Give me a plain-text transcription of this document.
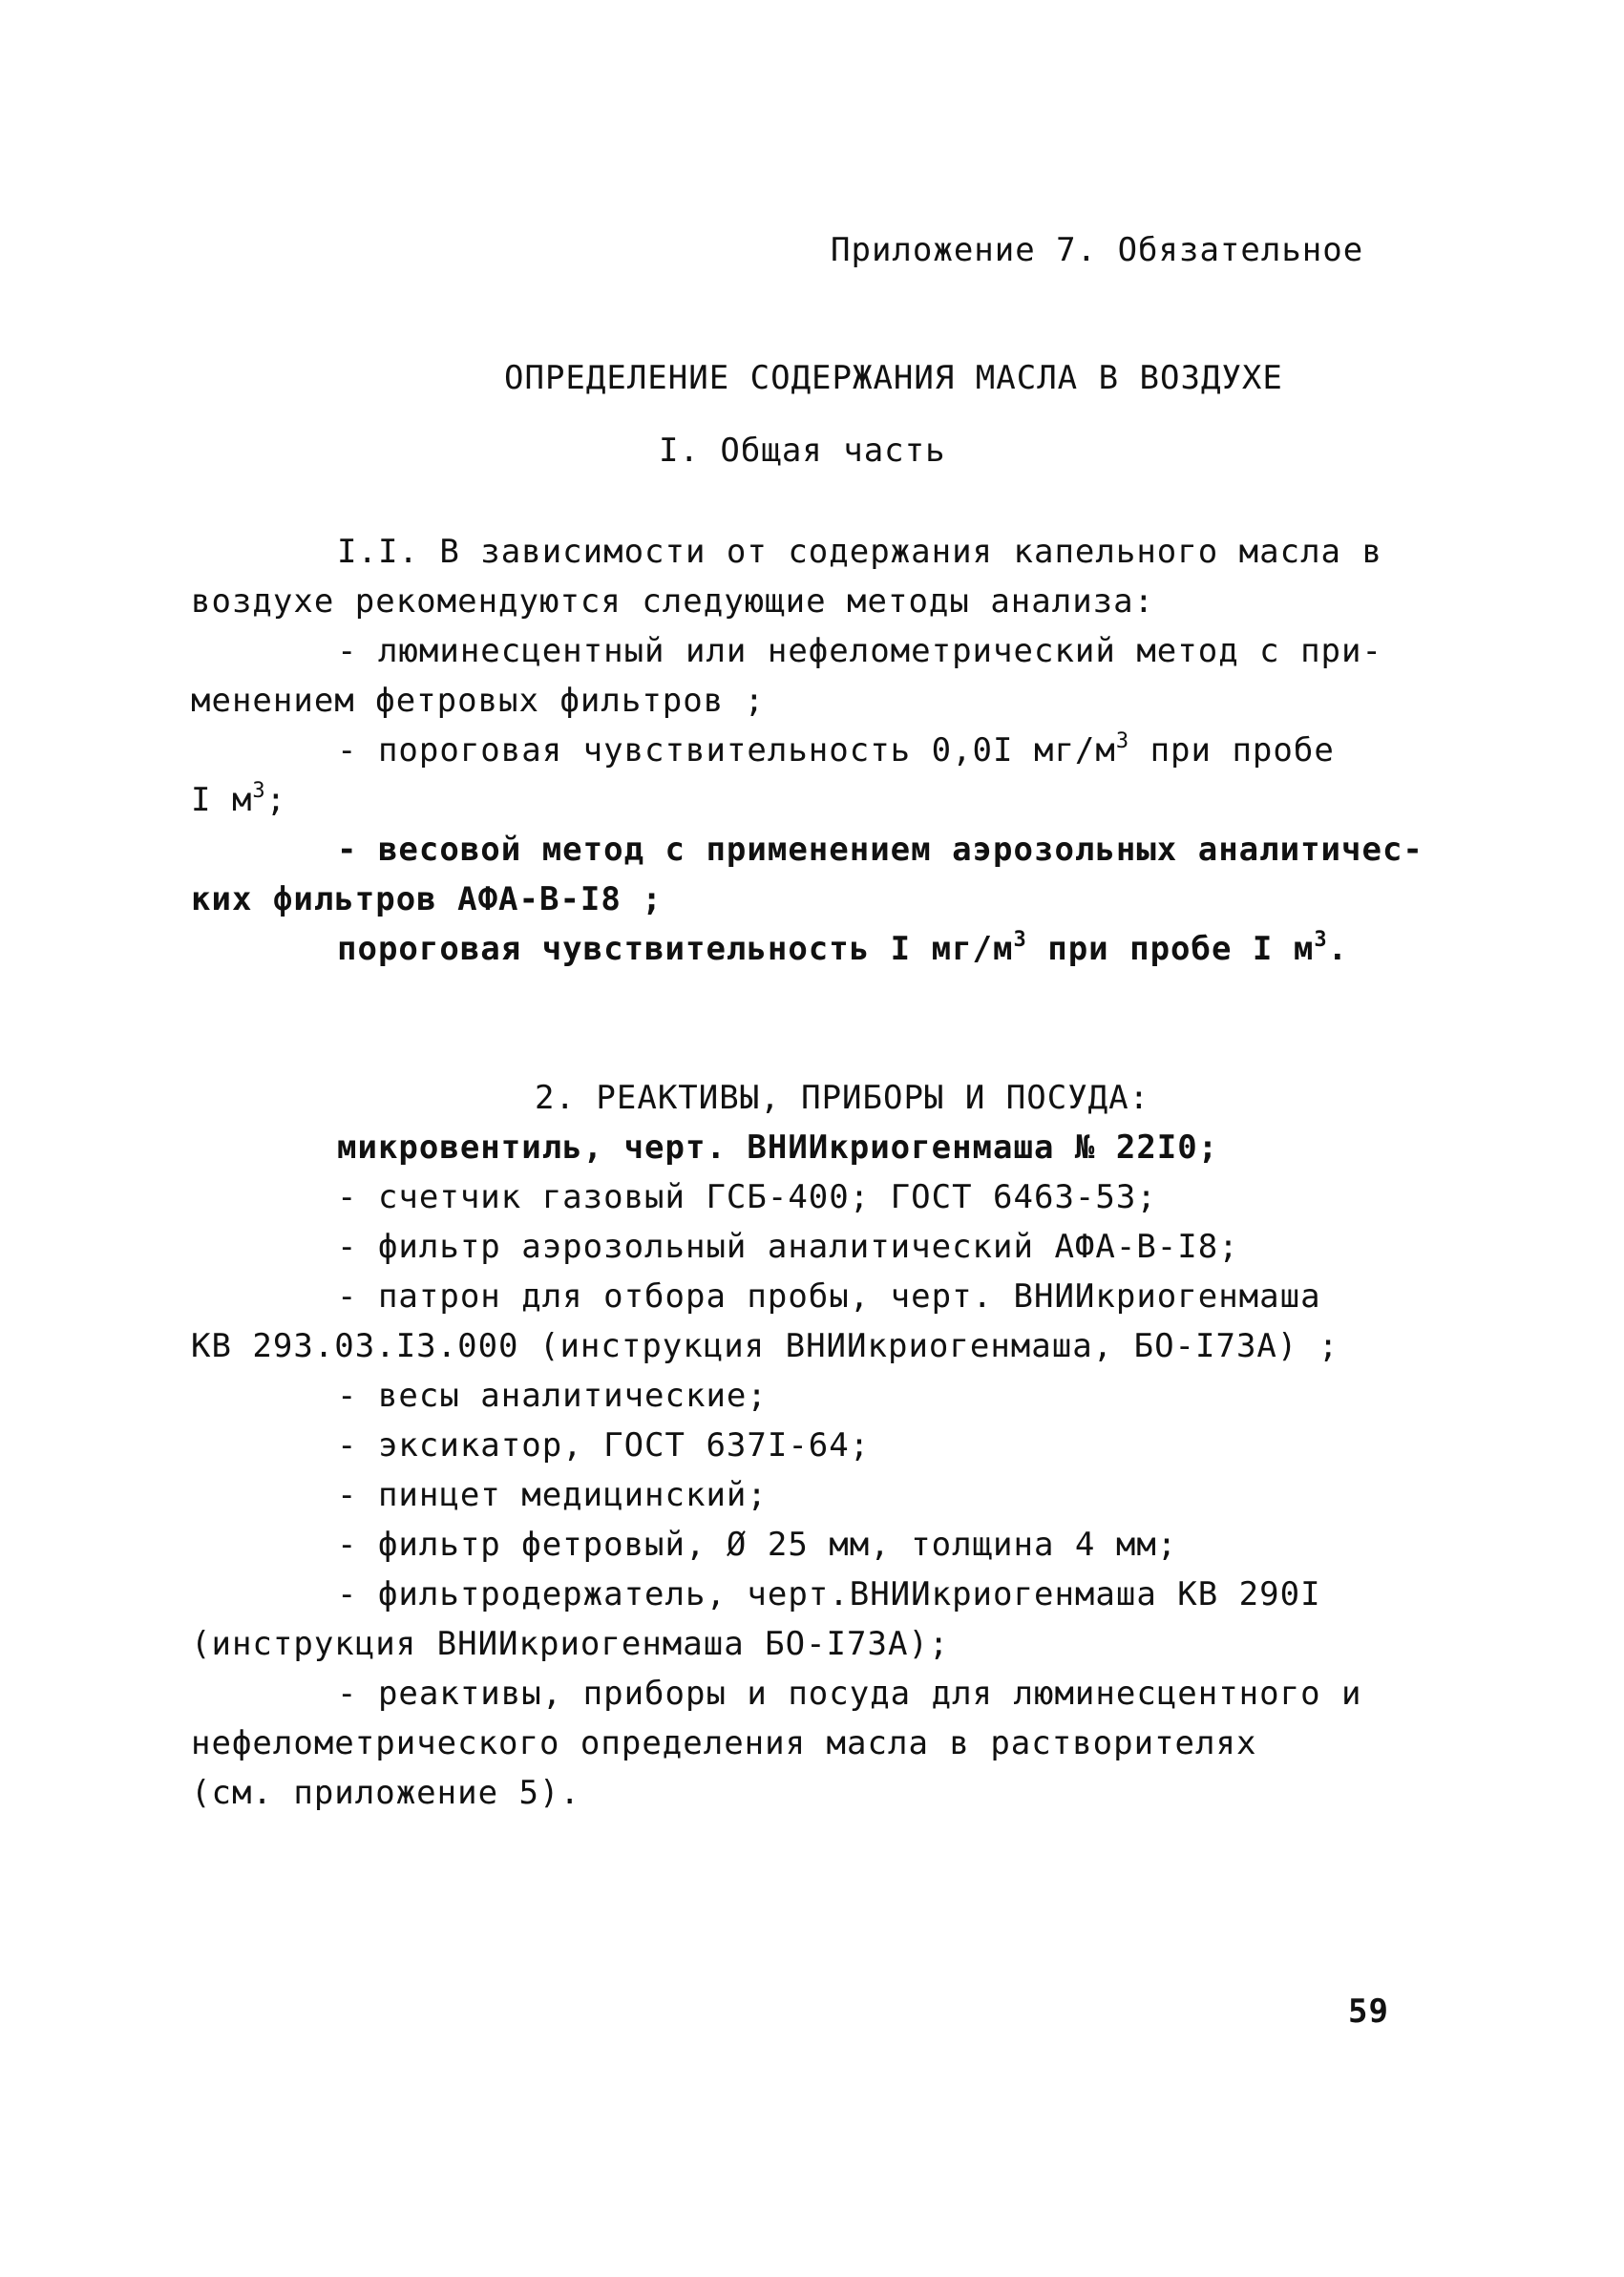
Приложение 7. Обязательное
ОПРЕДЕЛЕНИЕ СОДЕРЖАНИЯ МАСЛА В ВОЗДУХЕ
I. Общая часть
I.I. В зависимости от содержания капельного масла в
воздухе рекомендуются следующие методы анализа:
- люминесцентный или нефелометрический метод с при-
менением фетровых фильтров ;
- пороговая чувствительность 0,0I $мг/м^3$ при пробе
I $м^3$;
- весовой метод с применением аэрозольных аналитичес-
ких фильтров АФА-В-I8 ;
пороговая чувствительность I $мг/м^3$ при пробе I $м^3$.
2. РЕАКТИВЫ, ПРИБОРЫ И ПОСУДА:
микровентиль, черт. ВНИИкриогенмаша № 22I0;
- счетчик газовый ГСБ-400; ГОСТ 6463-53;
- фильтр аэрозольный аналитический АФА-В-I8;
- патрон для отбора пробы, черт. ВНИИкриогенмаша
КВ 293.03.I3.000 (инструкция ВНИИкриогенмаша, БО-I73А) ;
- весы аналитические;
- эксикатор, ГОСТ 637I-64;
- пинцет медицинский;
- фильтр фетровый, Ø 25 мм, толщина 4 мм;
- фильтродержатель, черт.ВНИИкриогенмаша КВ 290I
(инструкция ВНИИкриогенмаша БО-I73А);
- реактивы, приборы и посуда для люминесцентного и
нефелометрического определения масла в растворителях
(см. приложение 5).
59
